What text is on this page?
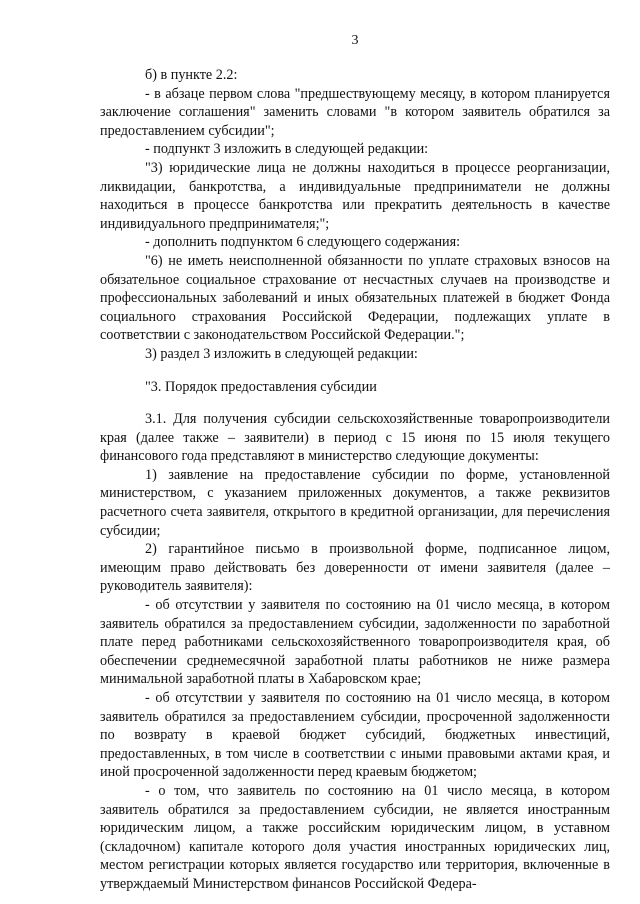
3

б) в пункте 2.2:

- в абзаце первом слова "предшествующему месяцу, в котором планируется заключение соглашения" заменить словами "в котором заявитель обратился за предоставлением субсидии";

- подпункт 3 изложить в следующей редакции:

"3) юридические лица не должны находиться в процессе реорганизации, ликвидации, банкротства, а индивидуальные предприниматели не должны находиться в процессе банкротства или прекратить деятельность в качестве индивидуального предпринимателя;";

- дополнить подпунктом 6 следующего содержания:

"6) не иметь неисполненной обязанности по уплате страховых взносов на обязательное социальное страхование от несчастных случаев на производстве и профессиональных заболеваний и иных обязательных платежей в бюджет Фонда социального страхования Российской Федерации, подлежащих уплате в соответствии с законодательством Российской Федерации.";

3) раздел 3 изложить в следующей редакции:

"3. Порядок предоставления субсидии

3.1. Для получения субсидии сельскохозяйственные товаропроизводители края (далее также – заявители) в период с 15 июня по 15 июля текущего финансового года представляют в министерство следующие документы:

1) заявление на предоставление субсидии по форме, установленной министерством, с указанием приложенных документов, а также реквизитов расчетного счета заявителя, открытого в кредитной организации, для перечисления субсидии;

2) гарантийное письмо в произвольной форме, подписанное лицом, имеющим право действовать без доверенности от имени заявителя (далее – руководитель заявителя):

- об отсутствии у заявителя по состоянию на 01 число месяца, в котором заявитель обратился за предоставлением субсидии, задолженности по заработной плате перед работниками сельскохозяйственного товаропроизводителя края, об обеспечении среднемесячной заработной платы работников не ниже размера минимальной заработной платы в Хабаровском крае;

- об отсутствии у заявителя по состоянию на 01 число месяца, в котором заявитель обратился за предоставлением субсидии, просроченной задолженности по возврату в краевой бюджет субсидий, бюджетных инвестиций, предоставленных, в том числе в соответствии с иными правовыми актами края, и иной просроченной задолженности перед краевым бюджетом;

- о том, что заявитель по состоянию на 01 число месяца, в котором заявитель обратился за предоставлением субсидии, не является иностранным юридическим лицом, а также российским юридическим лицом, в уставном (складочном) капитале которого доля участия иностранных юридических лиц, местом регистрации которых является государство или территория, включенные в утверждаемый Министерством финансов Российской Федера-
